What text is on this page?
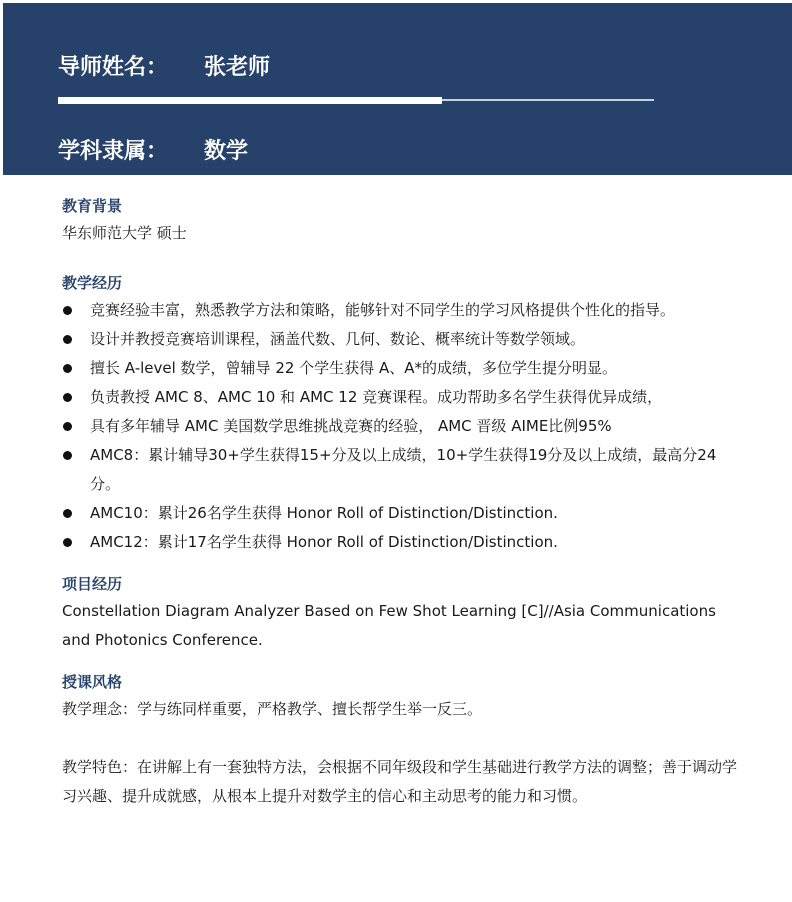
导师姓名：	张老师
学科隶属：	数学
教育背景
华东师范大学 硕士
教学经历
竞赛经验丰富，熟悉教学方法和策略，能够针对不同学生的学习风格提供个性化的指导。
设计并教授竞赛培训课程，涵盖代数、几何、数论、概率统计等数学领域。
擅长 A-level 数学，曾辅导 22 个学生获得 A、A*的成绩，多位学生提分明显。
负责教授 AMC 8、AMC 10 和 AMC 12 竞赛课程。成功帮助多名学生获得优异成绩，
具有多年辅导 AMC 美国数学思维挑战竞赛的经验， AMC 晋级 AIME比例95%
AMC8：累计辅导30+学生获得15+分及以上成绩，10+学生获得19分及以上成绩，最高分24分。
AMC10：累计26名学生获得 Honor Roll of Distinction/Distinction.
AMC12：累计17名学生获得 Honor Roll of Distinction/Distinction.
项目经历
Constellation Diagram Analyzer Based on Few Shot Learning [C]//Asia Communications and Photonics Conference.
授课风格

教学理念：学与练同样重要，严格教学、擅长帮学生举一反三。

教学特色：在讲解上有一套独特方法，会根据不同年级段和学生基础进行教学方法的调整；善于调动学习兴趣、提升成就感，从根本上提升对数学主的信心和主动思考的能力和习惯。
